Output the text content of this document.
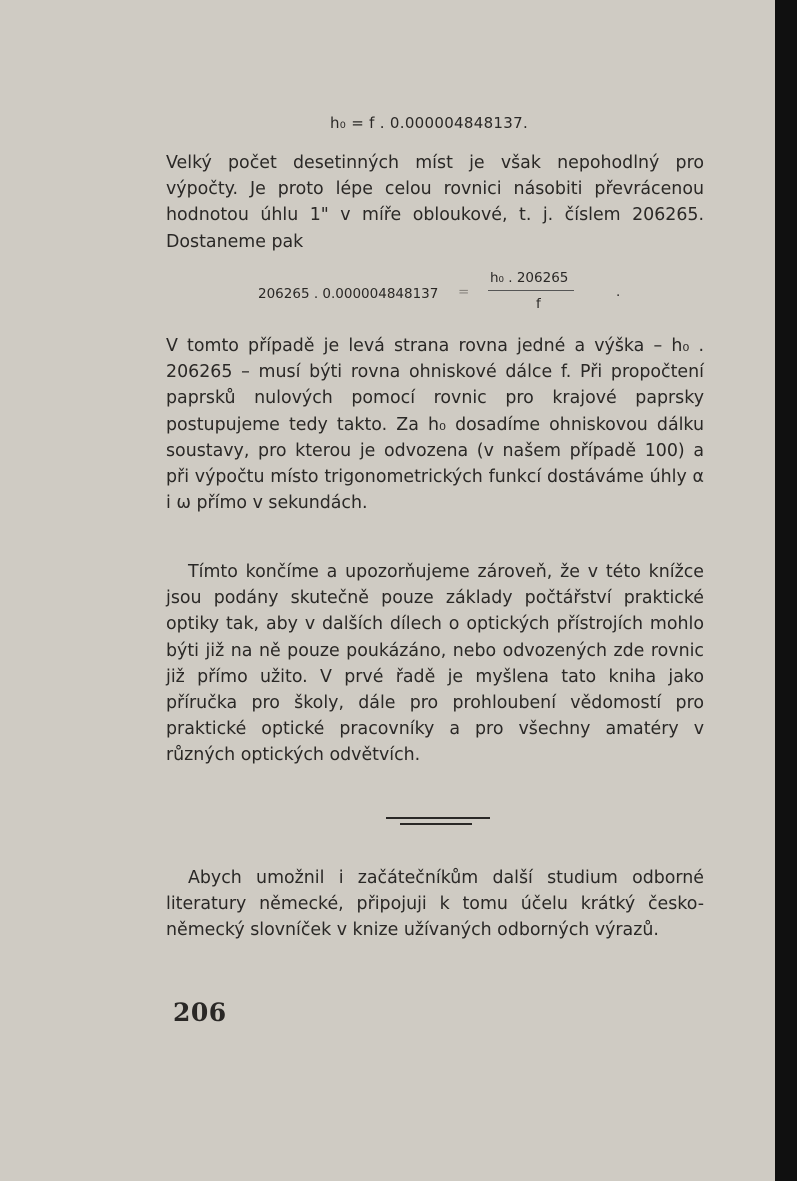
h₀ = f . 0.000004848137.

Velký počet desetinných míst je však nepohodlný pro výpočty. Je proto lépe celou rovnici násobiti převrácenou hodnotou úhlu 1" v míře obloukové, t. j. číslem 206265. Dostaneme pak

206265 . 0.000004848137 =
h₀ . 206265
f
.

V tomto případě je levá strana rovna jedné a výška – h₀ . 206265 – musí býti rovna ohniskové dálce f. Při propočtení paprsků nulových pomocí rovnic pro krajové paprsky postupujeme tedy takto. Za h₀ dosadíme ohniskovou dálku soustavy, pro kterou je odvozena (v našem případě 100) a při výpočtu místo trigonometrických funkcí dostáváme úhly α i ω přímo v sekundách.

Tímto končíme a upozorňujeme zároveň, že v této knížce jsou podány skutečně pouze základy počtářství praktické optiky tak, aby v dalších dílech o optických přístrojích mohlo býti již na ně pouze poukázáno, nebo odvozených zde rovnic již přímo užito. V prvé řadě je myšlena tato kniha jako příručka pro školy, dále pro prohloubení vědomostí pro praktické optické pracovníky a pro všechny amatéry v různých optických odvětvích.

Abych umožnil i začátečníkům další studium odborné literatury německé, připojuji k tomu účelu krátký česko-německý slovníček v knize užívaných odborných výrazů.

206
